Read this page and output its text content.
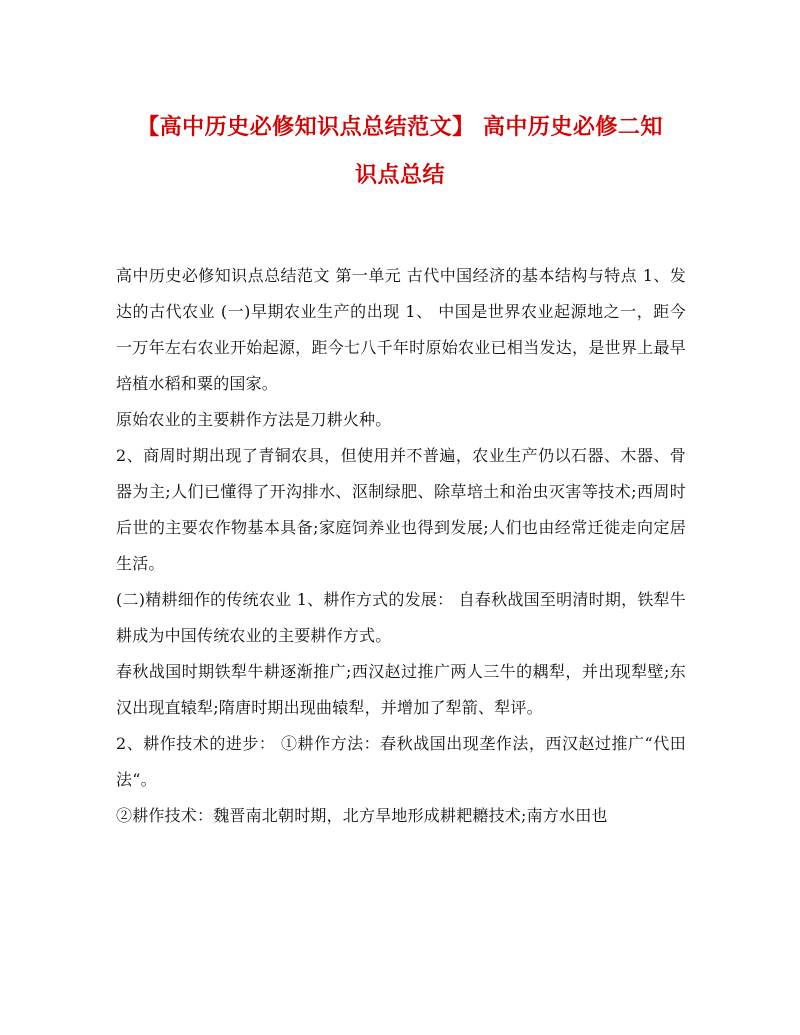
【高中历史必修知识点总结范文】 高中历史必修二知
识点总结

高中历史必修知识点总结范文 第一单元 古代中国经济的基本结构与特点 1、发达的古代农业 (一)早期农业生产的出现 1、 中国是世界农业起源地之一，距今一万年左右农业开始起源，距今七八千年时原始农业已相当发达，是世界上最早培植水稻和粟的国家。

原始农业的主要耕作方法是刀耕火种。

2、商周时期出现了青铜农具，但使用并不普遍，农业生产仍以石器、木器、骨器为主;人们已懂得了开沟排水、沤制绿肥、除草培土和治虫灭害等技术;西周时后世的主要农作物基本具备;家庭饲养业也得到发展;人们也由经常迁徙走向定居生活。

(二)精耕细作的传统农业 1、耕作方式的发展： 自春秋战国至明清时期，铁犁牛耕成为中国传统农业的主要耕作方式。

春秋战国时期铁犁牛耕逐渐推广;西汉赵过推广两人三牛的耦犁，并出现犁壁;东汉出现直辕犁;隋唐时期出现曲辕犁，并增加了犁箭、犁评。

2、耕作技术的进步： ①耕作方法：春秋战国出现垄作法，西汉赵过推广“代田法“。

②耕作技术：魏晋南北朝时期，北方旱地形成耕耙耱技术;南方水田也
